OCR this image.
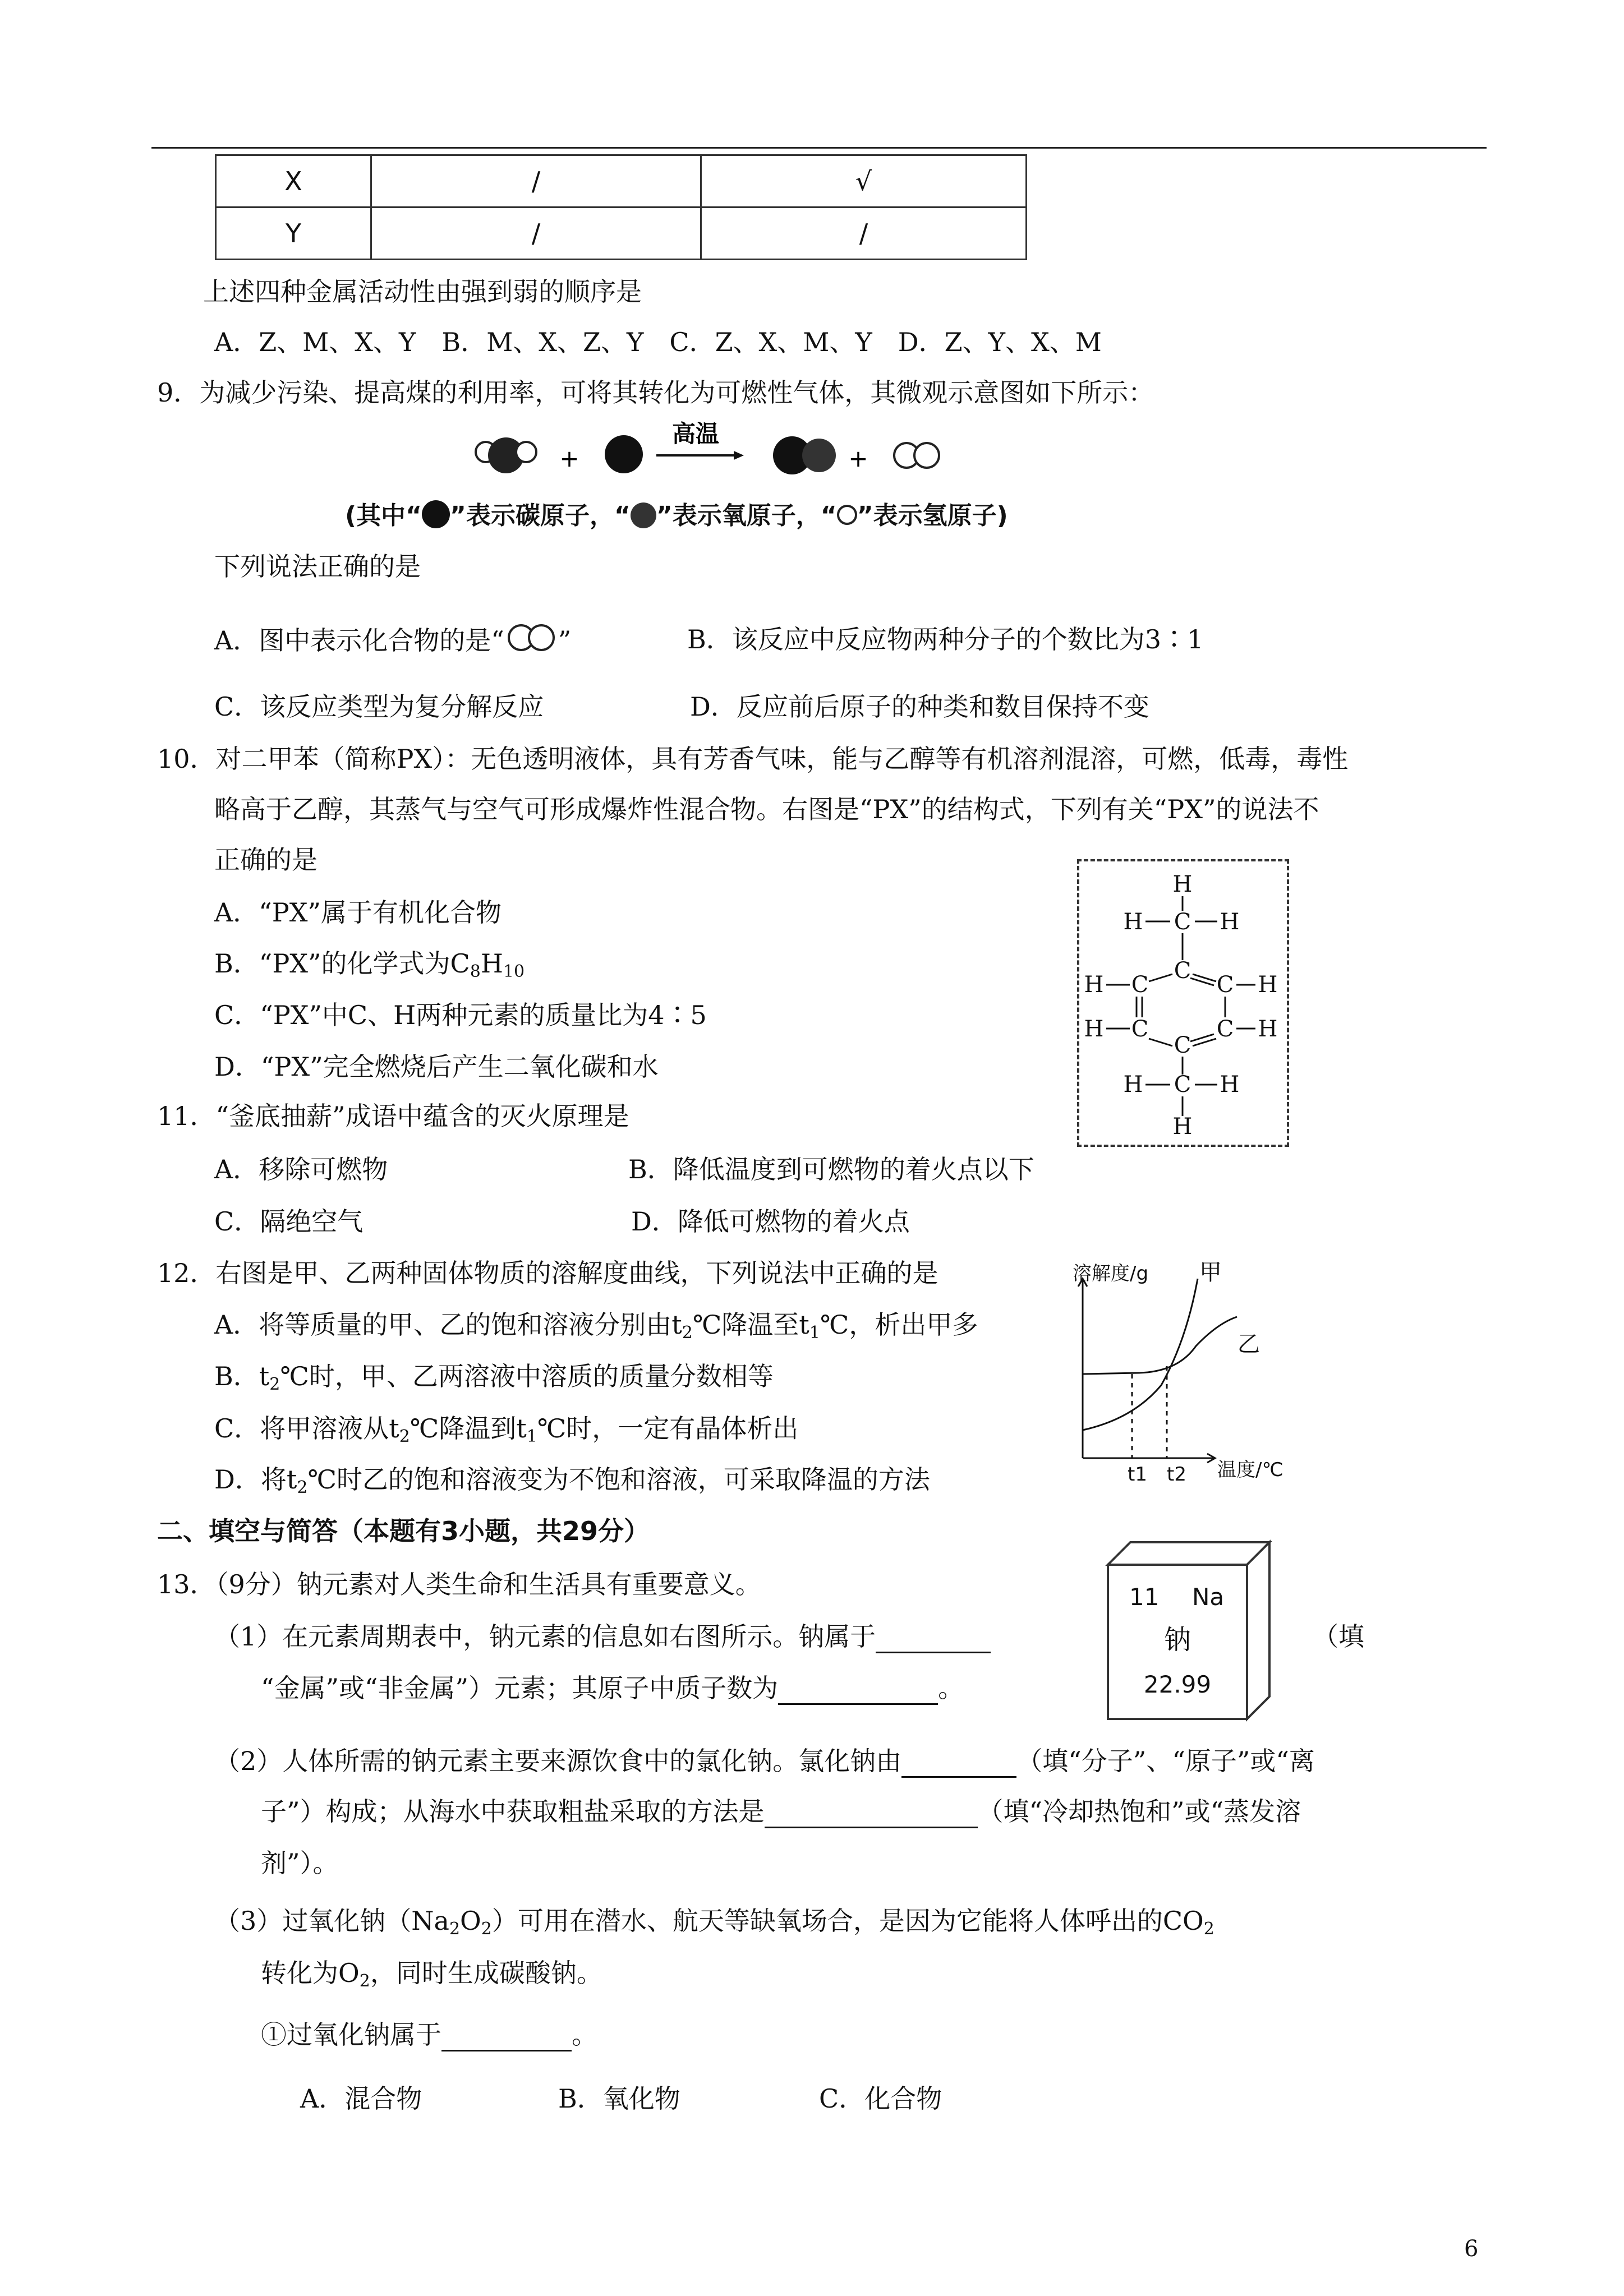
X	/	√
Y	/	/
上述四种金属活动性由强到弱的顺序是
A．Z、M、X、Y　B．M、X、Z、Y　C．Z、X、M、Y　D．Z、Y、X、M
9．为减少污染、提高煤的利用率，可将其转化为可燃性气体，其微观示意图如下所示：
+
高温
+
(其中“ ”表示碳原子，“ ”表示氧原子，“ ”表示氢原子)
下列说法正确的是
A．图中表示化合物的是“ ”	B．该反应中反应物两种分子的个数比为3∶1
C．该反应类型为复分解反应	D．反应前后原子的种类和数目保持不变
10．对二甲苯（简称PX）：无色透明液体，具有芳香气味，能与乙醇等有机溶剂混溶，可燃，低毒，毒性
略高于乙醇，其蒸气与空气可形成爆炸性混合物。右图是“PX”的结构式，下列有关“PX”的说法不
正确的是
A．“PX”属于有机化合物
B．“PX”的化学式为$C_8H_{10}$
C．“PX”中C、H两种元素的质量比为4∶5
D．“PX”完全燃烧后产生二氧化碳和水
H
H C H
C
H C	C H
H C	C H
C
H C H
H
11．“釜底抽薪”成语中蕴含的灭火原理是
A．移除可燃物	B．降低温度到可燃物的着火点以下
C．隔绝空气	D．降低可燃物的着火点
12．右图是甲、乙两种固体物质的溶解度曲线，下列说法中正确的是
A．将等质量的甲、乙的饱和溶液分别由$t_2℃$降温至$t_1℃$，析出甲多
B．$t_2℃$时，甲、乙两溶液中溶质的质量分数相等
C．将甲溶液从$t_2℃$降温到$t_1℃$时，一定有晶体析出
D．将$t_2℃$时乙的饱和溶液变为不饱和溶液，可采取降温的方法
溶解度/g 甲
乙
t1 t2 温度/℃
二、填空与简答（本题有3小题，共29分）
13．（9分）钠元素对人类生命和生活具有重要意义。
（1）在元素周期表中，钠元素的信息如右图所示。钠属于	（填
“金属”或“非金属”）元素；其原子中质子数为	。
（2）人体所需的钠元素主要来源饮食中的氯化钠。氯化钠由	（填“分子”、“原子”或“离
子”）构成；从海水中获取粗盐采取的方法是	（填“冷却热饱和”或“蒸发溶
剂”）。
（3）过氧化钠$(Na_2O_2)$可用在潜水、航天等缺氧场合，是因为它能将人体呼出的$CO_2$
转化为$O_2$，同时生成碳酸钠。
①过氧化钠属于	。
A．混合物	B．氧化物	C．化合物
11 Na
钠
22.99
6
